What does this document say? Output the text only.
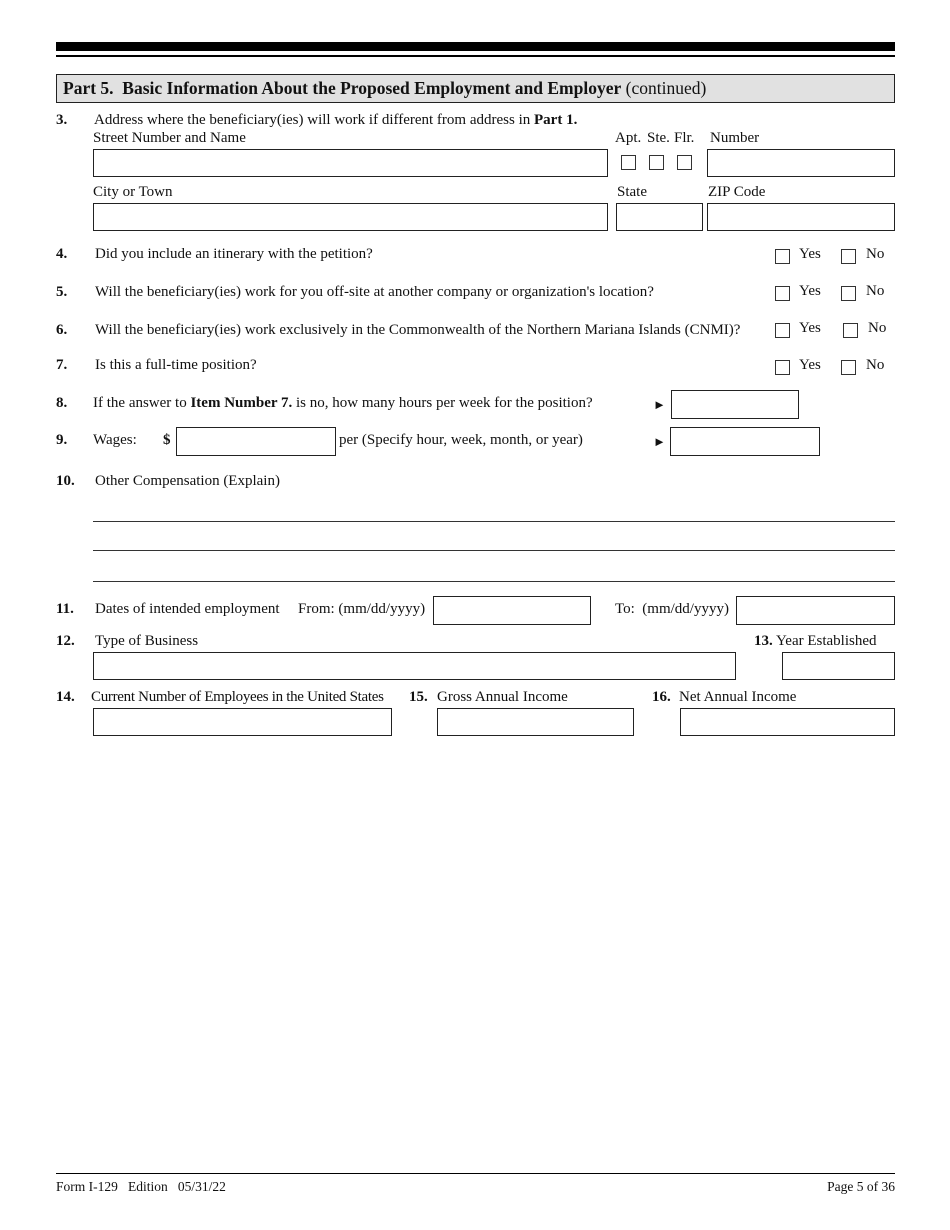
Part 5. Basic Information About the Proposed Employment and Employer (continued)
3. Address where the beneficiary(ies) will work if different from address in Part 1.
Street Number and Name	Apt. Ste. Flr. Number
City or Town	State	ZIP Code
4. Did you include an itinerary with the petition?	Yes	No
5. Will the beneficiary(ies) work for you off-site at another company or organization's location?	Yes	No
6. Will the beneficiary(ies) work exclusively in the Commonwealth of the Northern Mariana Islands (CNMI)?	Yes	No
7. Is this a full-time position?	Yes	No
8. If the answer to Item Number 7. is no, how many hours per week for the position?	►
9. Wages: $	per (Specify hour, week, month, or year)	►
10. Other Compensation (Explain)
11. Dates of intended employment From: (mm/dd/yyyy)	To:  (mm/dd/yyyy)
12. Type of Business	13. Year Established
14. Current Number of Employees in the United States 15. Gross Annual Income	16. Net Annual Income
Form I-129   Edition   05/31/22	Page 5 of 36
